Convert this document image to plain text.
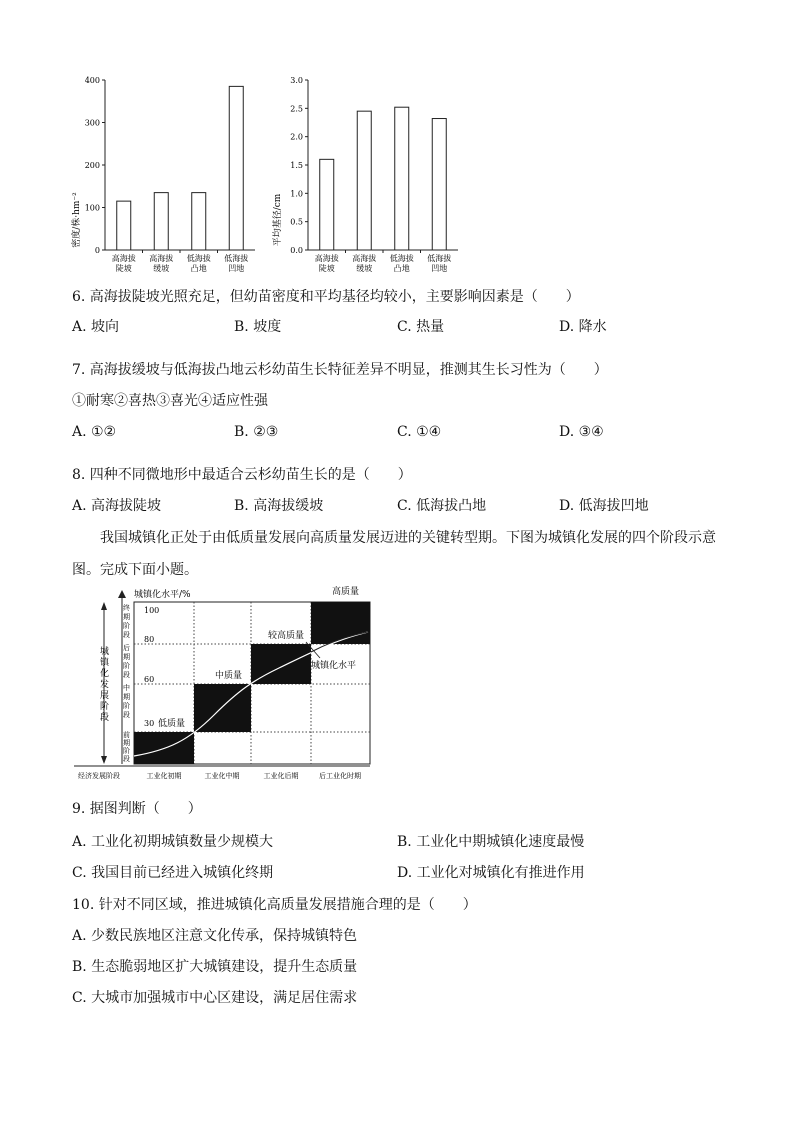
密度/株·hm⁻²
0
100
200
300
400
高海拔
陡坡
高海拔
缓坡
低海拔
凸地
低海拔
凹地
平均基径/cm
0.0
0.5
1.0
1.5
2.0
2.5
3.0
高海拔
陡坡
高海拔
缓坡
低海拔
凸地
低海拔
凹地
6. 高海拔陡坡光照充足，但幼苗密度和平均基径均较小，主要影响因素是（　　）
A. 坡向	B. 坡度	C. 热量	D. 降水
7. 高海拔缓坡与低海拔凸地云杉幼苗生长特征差异不明显，推测其生长习性为（　　）
①耐寒②喜热③喜光④适应性强
A. ①②	B. ②③	C. ①④	D. ③④
8. 四种不同微地形中最适合云杉幼苗生长的是（　　）
A. 高海拔陡坡	B. 高海拔缓坡	C. 低海拔凸地	D. 低海拔凹地
我国城镇化正处于由低质量发展向高质量发展迈进的关键转型期。下图为城镇化发展的四个阶段示意
图。完成下面小题。
城镇化水平/%
100
80
60
30 低质量
中质量
较高质量
高质量
城镇化水平
终期阶段
后期阶段
中期阶段
前期阶段
城镇化发展阶段
经济发展阶段	工业化初期	工业化中期	工业化后期	后工业化时期
9. 据图判断（　　）
A. 工业化初期城镇数量少规模大	B. 工业化中期城镇化速度最慢
C. 我国目前已经进入城镇化终期	D. 工业化对城镇化有推进作用
10. 针对不同区域，推进城镇化高质量发展措施合理的是（　　）
A. 少数民族地区注意文化传承，保持城镇特色
B. 生态脆弱地区扩大城镇建设，提升生态质量
C. 大城市加强城市中心区建设，满足居住需求
